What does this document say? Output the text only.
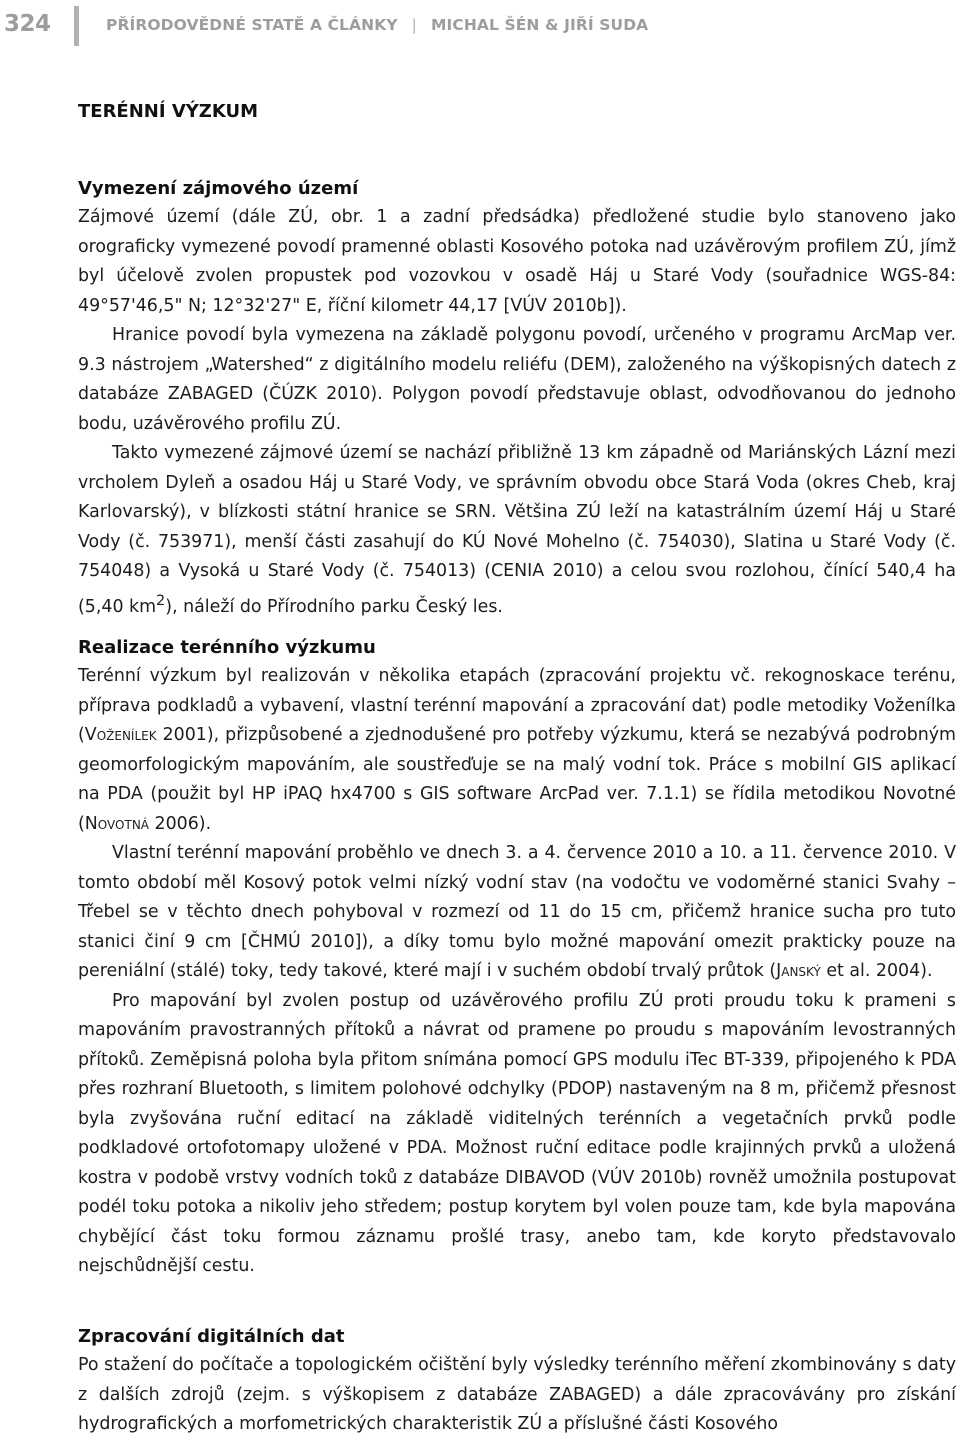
324	PŘÍRODOVĚDNÉ STATĚ A ČLÁNKY | MICHAL ŠÉN & JIŘÍ SUDA
TERÉNNÍ VÝZKUM
Vymezení zájmového území

Zájmové území (dále ZÚ, obr. 1 a zadní předsádka) předložené studie bylo stanoveno jako orograficky vymezené povodí pramenné oblasti Kosového potoka nad uzávěrovým profilem ZÚ, jímž byl účelově zvolen propustek pod vozovkou v osadě Háj u Staré Vody (souřadnice WGS-84: 49°57'46,5" N; 12°32'27" E, říční kilometr 44,17 [VÚV 2010b]).

Hranice povodí byla vymezena na základě polygonu povodí, určeného v programu ArcMap ver. 9.3 nástrojem „Watershed“ z digitálního modelu reliéfu (DEM), založeného na výškopisných datech z databáze ZABAGED (ČÚZK 2010). Polygon povodí představuje oblast, odvodňovanou do jednoho bodu, uzávěrového profilu ZÚ.

Takto vymezené zájmové území se nachází přibližně 13 km západně od Mariánských Lázní mezi vrcholem Dyleň a osadou Háj u Staré Vody, ve správním obvodu obce Stará Voda (okres Cheb, kraj Karlovarský), v blízkosti státní hranice se SRN. Většina ZÚ leží na katastrálním území Háj u Staré Vody (č. 753971), menší části zasahují do KÚ Nové Mohelno (č. 754030), Slatina u Staré Vody (č. 754048) a Vysoká u Staré Vody (č. 754013) (CENIA 2010) a celou svou rozlohou, čínící 540,4 ha (5,40 $km^2$), náleží do Přírodního parku Český les.

Realizace terénního výzkumu

Terénní výzkum byl realizován v několika etapách (zpracování projektu vč. rekognoskace terénu, příprava podkladů a vybavení, vlastní terénní mapování a zpracování dat) podle metodiky Voženílka (Voženílek 2001), přizpůsobené a zjednodušené pro potřeby výzkumu, která se nezabývá podrobným geomorfologickým mapováním, ale soustřeďuje se na malý vodní tok. Práce s mobilní GIS aplikací na PDA (použit byl HP iPAQ hx4700 s GIS software ArcPad ver. 7.1.1) se řídila metodikou Novotné (Novotná 2006).

Vlastní terénní mapování proběhlo ve dnech 3. a 4. července 2010 a 10. a 11. července 2010. V tomto období měl Kosový potok velmi nízký vodní stav (na vodočtu ve vodoměrné stanici Svahy – Třebel se v těchto dnech pohyboval v rozmezí od 11 do 15 cm, přičemž hranice sucha pro tuto stanici činí 9 cm [ČHMÚ 2010]), a díky tomu bylo možné mapování omezit prakticky pouze na pereniální (stálé) toky, tedy takové, které mají i v suchém období trvalý průtok (Janský et al. 2004).

Pro mapování byl zvolen postup od uzávěrového profilu ZÚ proti proudu toku k prameni s mapováním pravostranných přítoků a návrat od pramene po proudu s mapováním levostranných přítoků. Zeměpisná poloha byla přitom snímána pomocí GPS modulu iTec BT-339, připojeného k PDA přes rozhraní Bluetooth, s limitem polohové odchylky (PDOP) nastaveným na 8 m, přičemž přesnost byla zvyšována ruční editací na základě viditelných terénních a vegetačních prvků podle podkladové ortofotomapy uložené v PDA. Možnost ruční editace podle krajinných prvků a uložená kostra v podobě vrstvy vodních toků z databáze DIBAVOD (VÚV 2010b) rovněž umožnila postupovat podél toku potoka a nikoliv jeho středem; postup korytem byl volen pouze tam, kde byla mapována chybějící část toku formou záznamu prošlé trasy, anebo tam, kde koryto představovalo nejschůdnější cestu.

Zpracování digitálních dat

Po stažení do počítače a topologickém očištění byly výsledky terénního měření zkombinovány s daty z dalších zdrojů (zejm. s výškopisem z databáze ZABAGED) a dále zpracovávány pro získání hydrografických a morfometrických charakteristik ZÚ a příslušné části Kosového
